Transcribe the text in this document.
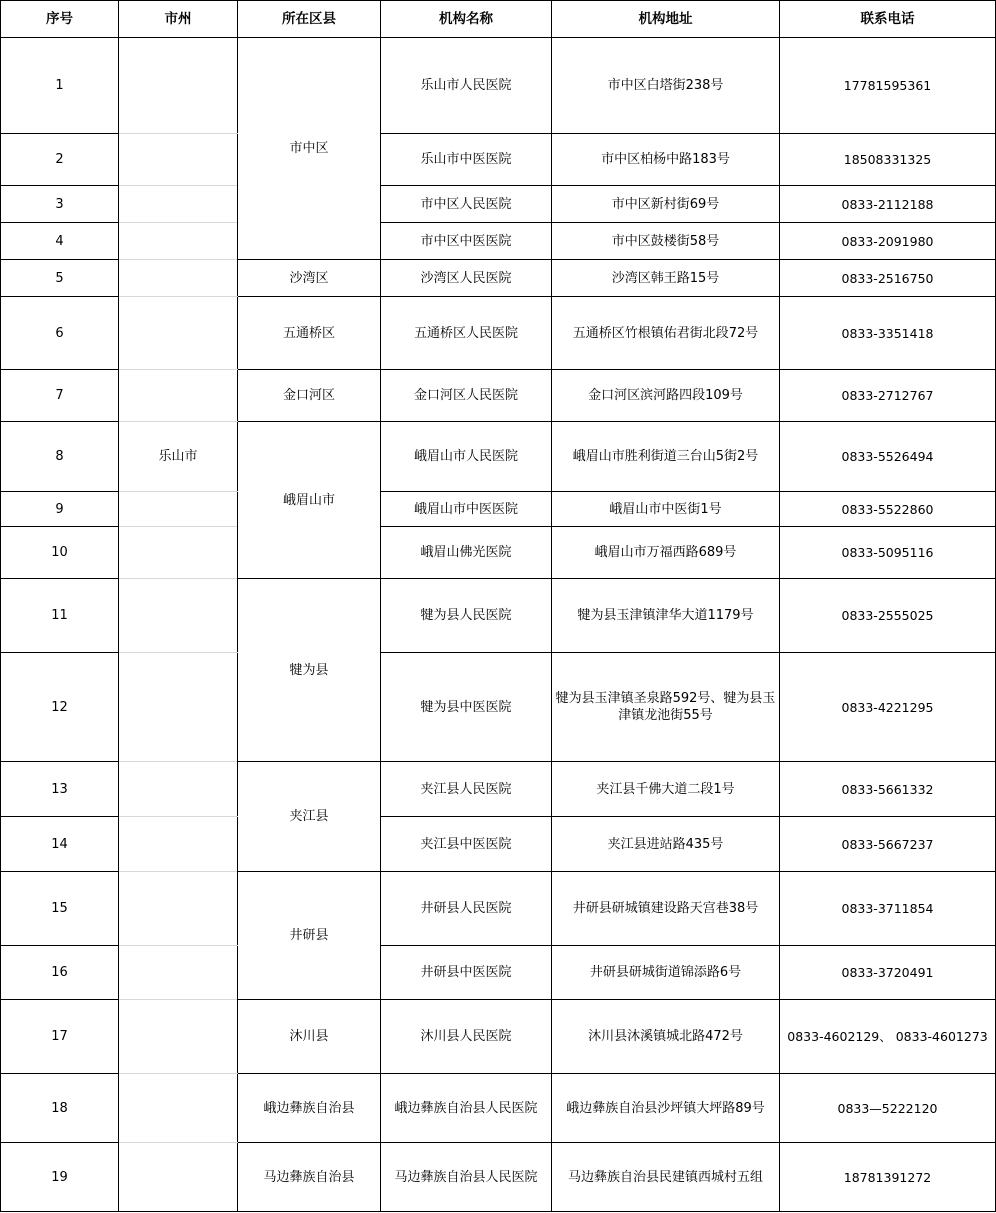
序号	市州	所在区县	机构名称	机构地址	联系电话
1		市中区	乐山市人民医院	市中区白塔街238号	17781595361
2			乐山市中医医院	市中区柏杨中路183号	18508331325
3			市中区人民医院	市中区新村街69号	0833-2112188
4			市中区中医医院	市中区鼓楼街58号	0833-2091980
5		沙湾区	沙湾区人民医院	沙湾区韩王路15号	0833-2516750
6		五通桥区	五通桥区人民医院	五通桥区竹根镇佑君街北段72号	0833-3351418
7		金口河区	金口河区人民医院	金口河区滨河路四段109号	0833-2712767
8	乐山市	峨眉山市	峨眉山市人民医院	峨眉山市胜利街道三台山5街2号	0833-5526494
9			峨眉山市中医医院	峨眉山市中医街1号	0833-5522860
10			峨眉山佛光医院	峨眉山市万福西路689号	0833-5095116
11		犍为县	犍为县人民医院	犍为县玉津镇津华大道1179号	0833-2555025
12			犍为县中医医院	犍为县玉津镇圣泉路592号、犍为县玉津镇龙池街55号	0833-4221295
13		夹江县	夹江县人民医院	夹江县千佛大道二段1号	0833-5661332
14			夹江县中医医院	夹江县进站路435号	0833-5667237
15		井研县	井研县人民医院	井研县研城镇建设路天宫巷38号	0833-3711854
16			井研县中医医院	井研县研城街道锦添路6号	0833-3720491
17		沐川县	沐川县人民医院	沐川县沐溪镇城北路472号	0833-4602129、 0833-4601273
18		峨边彝族自治县	峨边彝族自治县人民医院	峨边彝族自治县沙坪镇大坪路89号	0833—5222120
19		马边彝族自治县	马边彝族自治县人民医院	马边彝族自治县民建镇西城村五组	18781391272
